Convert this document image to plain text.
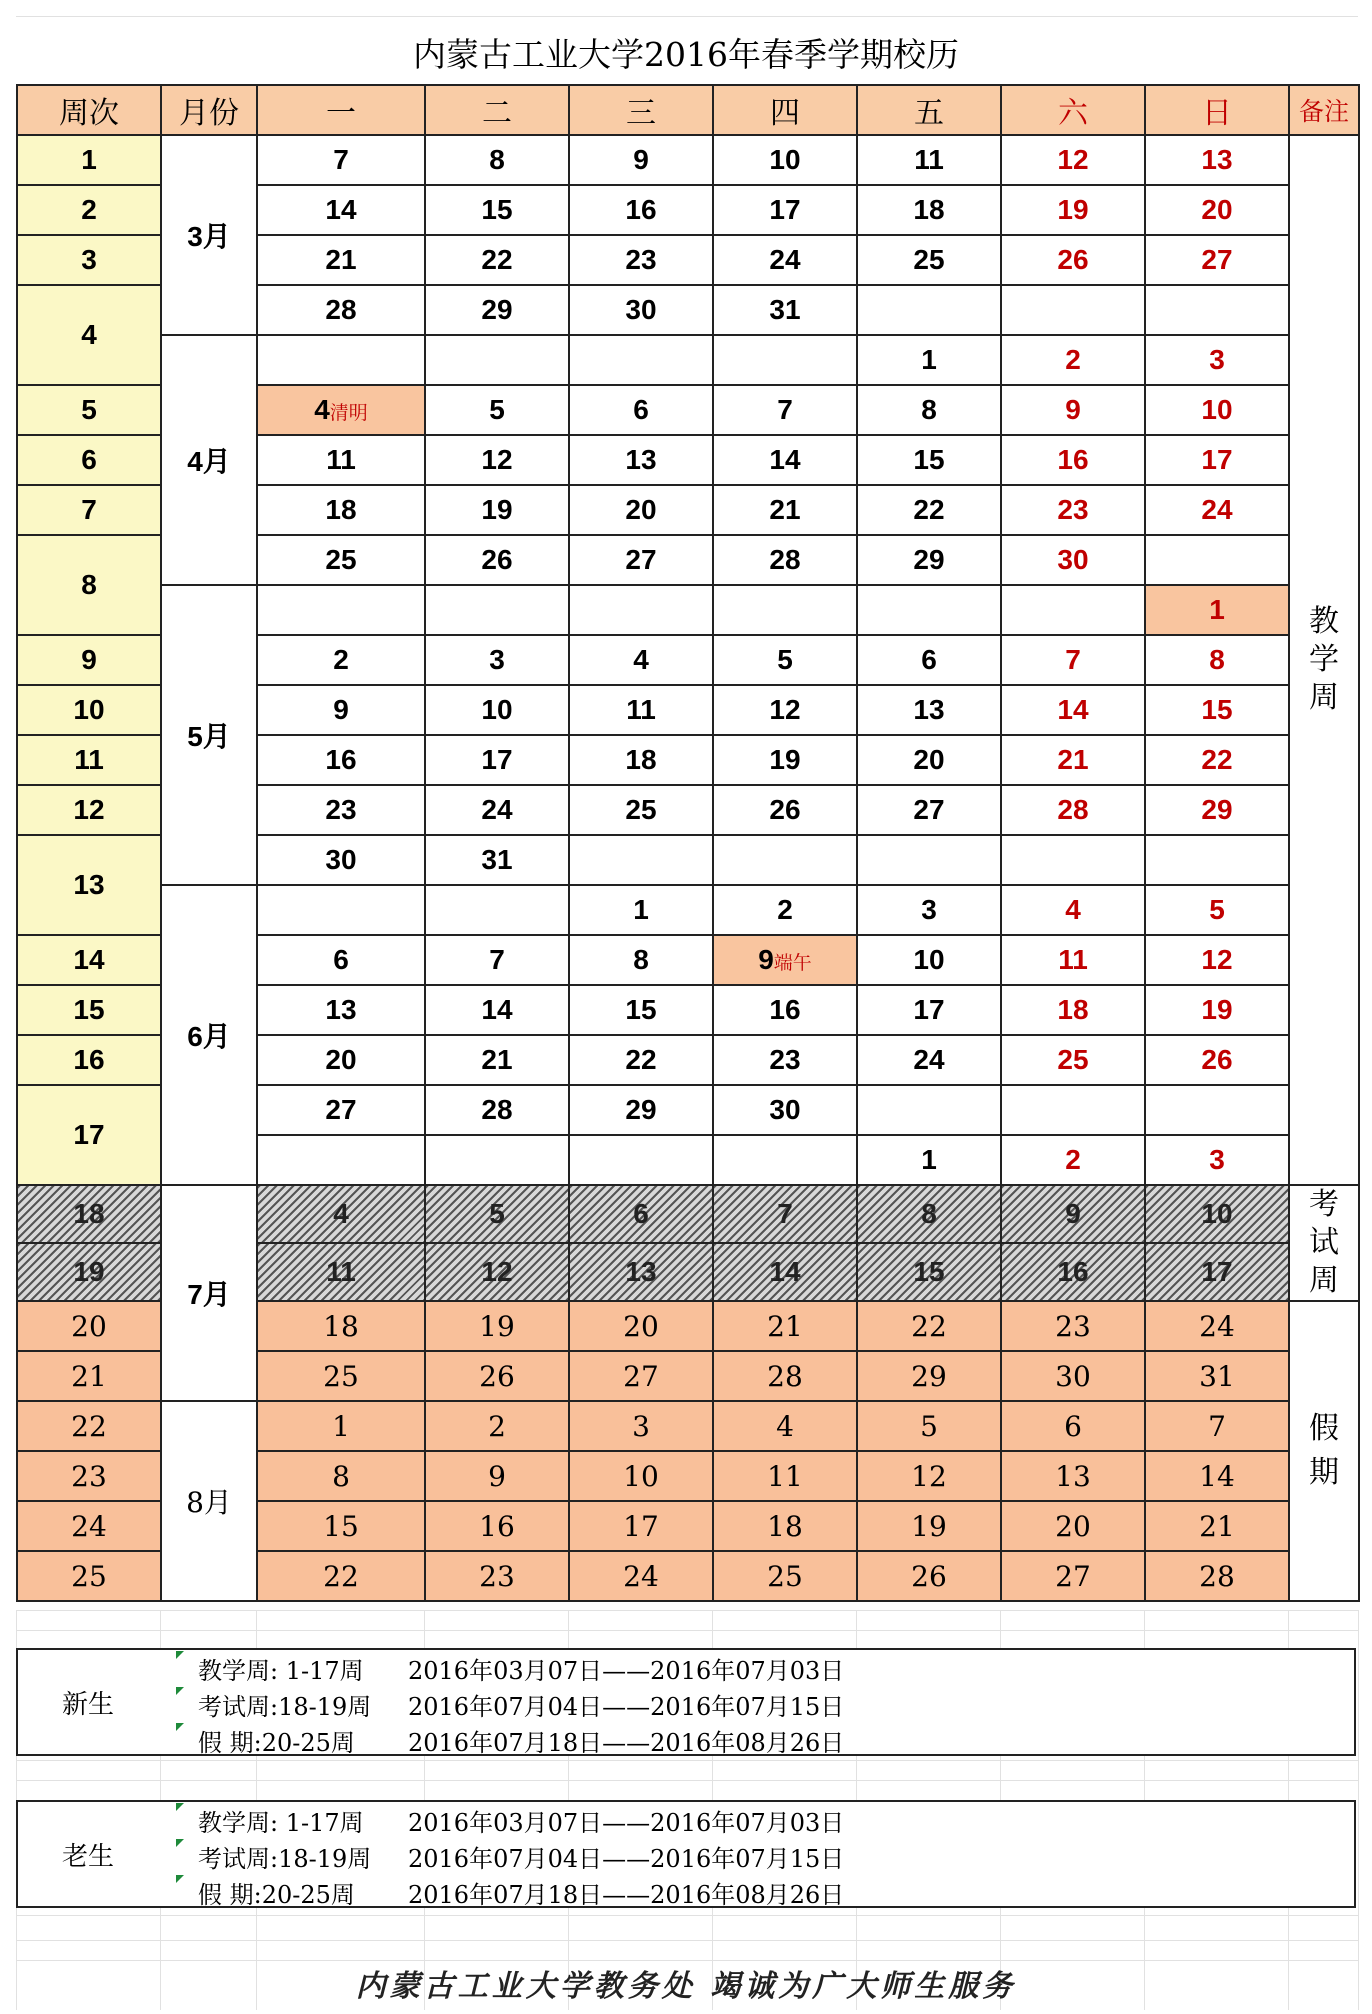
内蒙古工业大学2016年春季学期校历
周次	月份	一	二	三	四	五	六	日	备注
1	3月	7	8	9	10	11	12	13	教学周
2		14	15	16	17	18	19	20	
3		21	22	23	24	25	26	27	
4		28	29	30	31				
	4月					1	2	3	
5		4清明	5	6	7	8	9	10	
6		11	12	13	14	15	16	17	
7		18	19	20	21	22	23	24	
8		25	26	27	28	29	30		
	5月							1	
9		2	3	4	5	6	7	8	
10		9	10	11	12	13	14	15	
11		16	17	18	19	20	21	22	
12		23	24	25	26	27	28	29	
13		30	31						
	6月			1	2	3	4	5	
14		6	7	8	9端午	10	11	12	
15		13	14	15	16	17	18	19	
16		20	21	22	23	24	25	26	
17		27	28	29	30				
						1	2	3	
18	7月	4	5	6	7	8	9	10	考试周
19		11	12	13	14	15	16	17	
20		18	19	20	21	22	23	24	假期
21		25	26	27	28	29	30	31	
22	8月	1	2	3	4	5	6	7	
23		8	9	10	11	12	13	14	
24		15	16	17	18	19	20	21	
25		22	23	24	25	26	27	28	
新生
教学周: 1-17周	2016年03月07日——2016年07月03日
考试周:18-19周	2016年07月04日——2016年07月15日
假 期:20-25周	2016年07月18日——2016年08月26日
老生
教学周: 1-17周	2016年03月07日——2016年07月03日
考试周:18-19周	2016年07月04日——2016年07月15日
假 期:20-25周	2016年07月18日——2016年08月26日
内蒙古工业大学教务处 竭诚为广大师生服务
